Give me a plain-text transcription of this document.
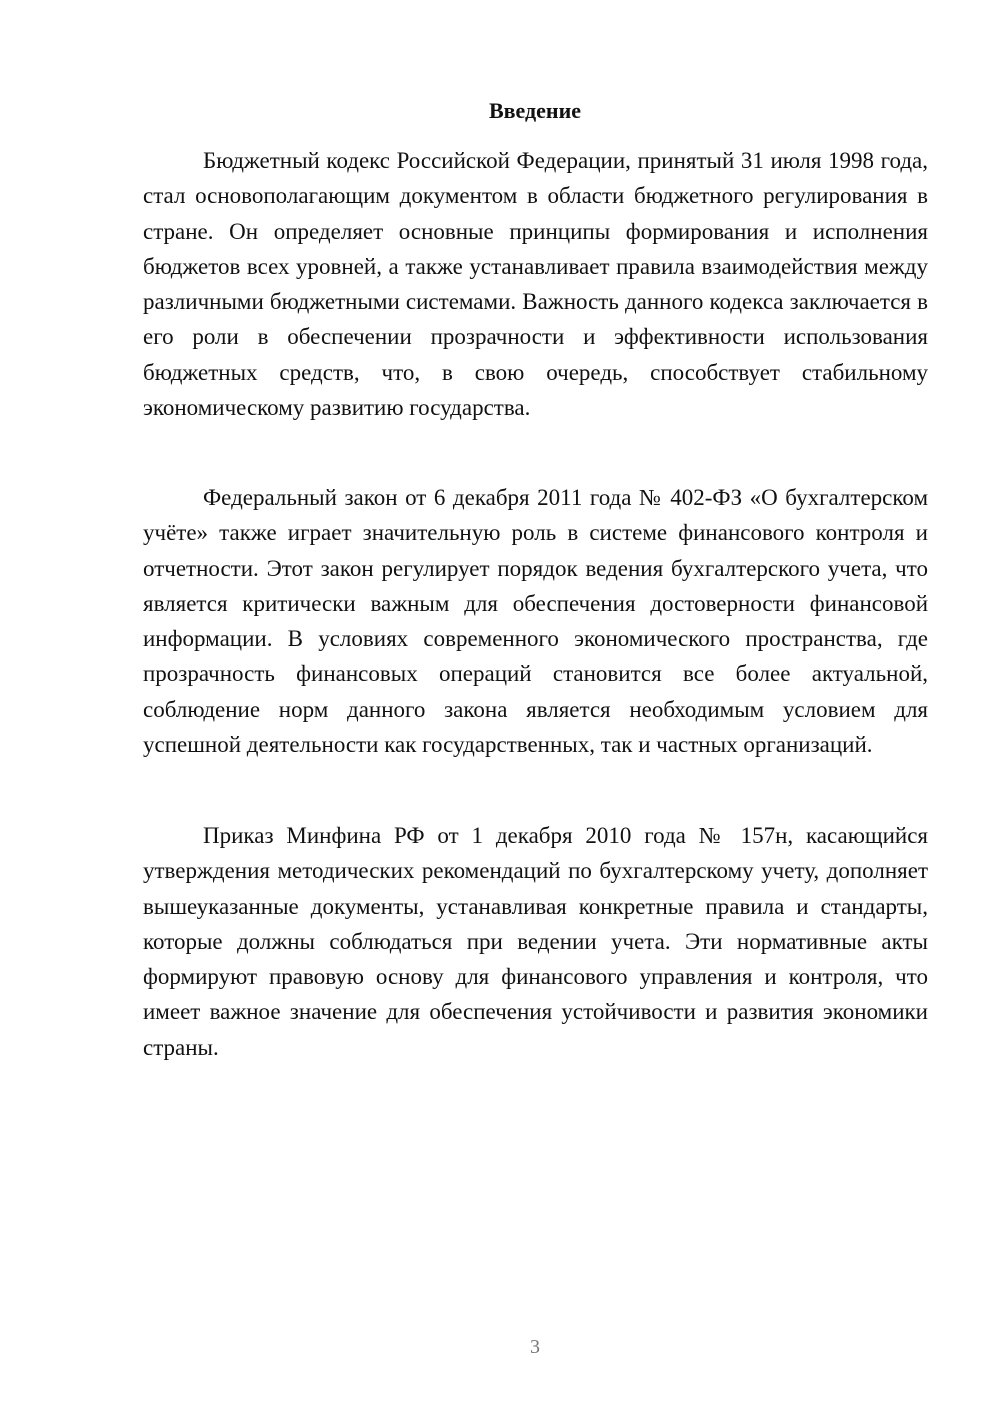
Введение

Бюджетный кодекс Российской Федерации, принятый 31 июля 1998 года, стал основополагающим документом в области бюджетного регулирования в стране. Он определяет основные принципы формирования и исполнения бюджетов всех уровней, а также устанавливает правила взаимодействия между различными бюджетными системами. Важность данного кодекса заключается в его роли в обеспечении прозрачности и эффективности использования бюджетных средств, что, в свою очередь, способствует стабильному экономическому развитию государства.

Федеральный закон от 6 декабря 2011 года № 402-ФЗ «О бухгалтерском учёте» также играет значительную роль в системе финансового контроля и отчетности. Этот закон регулирует порядок ведения бухгалтерского учета, что является критически важным для обеспечения достоверности финансовой информации. В условиях современного экономического пространства, где прозрачность финансовых операций становится все более актуальной, соблюдение норм данного закона является необходимым условием для успешной деятельности как государственных, так и частных организаций.

Приказ Минфина РФ от 1 декабря 2010 года № 157н, касающийся утверждения методических рекомендаций по бухгалтерскому учету, дополняет вышеуказанные документы, устанавливая конкретные правила и стандарты, которые должны соблюдаться при ведении учета. Эти нормативные акты формируют правовую основу для финансового управления и контроля, что имеет важное значение для обеспечения устойчивости и развития экономики страны.

3
